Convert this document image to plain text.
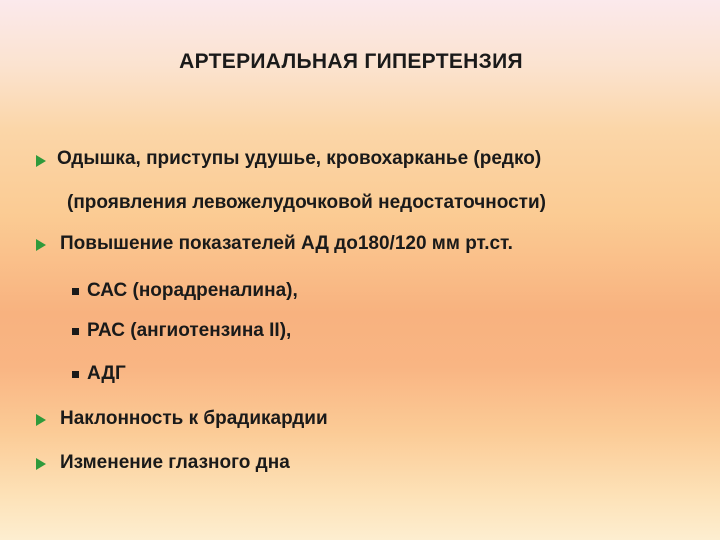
АРТЕРИАЛЬНАЯ ГИПЕРТЕНЗИЯ
Одышка, приступы удушье, кровохарканье (редко)
(проявления левожелудочковой недостаточности)
Повышение показателей АД до180/120 мм рт.ст.
САС (норадреналина),
РАС (ангиотензина II),
АДГ
Наклонность к брадикардии
Изменение глазного дна
